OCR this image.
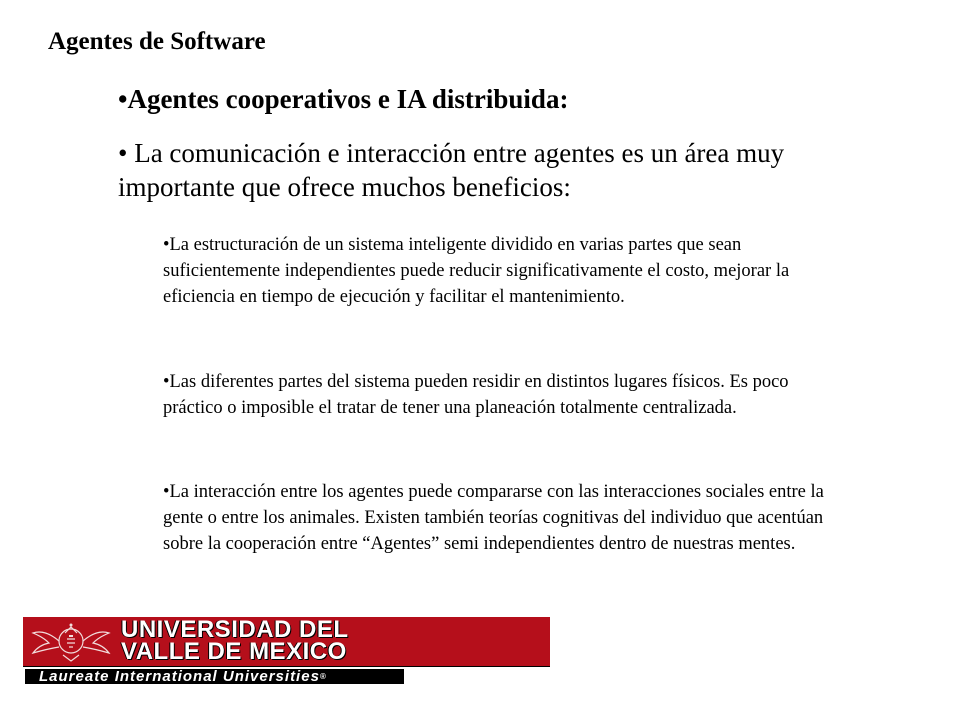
Agentes de Software
•Agentes cooperativos e IA distribuida:
• La comunicación e interacción entre agentes es un área muy importante que ofrece muchos beneficios:
•La estructuración de un sistema inteligente dividido en varias partes que sean suficientemente independientes puede reducir significativamente el costo, mejorar la eficiencia en tiempo de ejecución y facilitar el mantenimiento.
•Las diferentes partes del sistema pueden residir en distintos lugares físicos. Es poco práctico o imposible el tratar de tener una planeación totalmente centralizada.
•La interacción entre los agentes puede compararse con las interacciones sociales entre la gente o entre los animales. Existen también teorías cognitivas del individuo que acentúan sobre la cooperación entre “Agentes” semi independientes dentro de nuestras mentes.
UNIVERSIDAD DEL
VALLE DE MEXICO
Laureate International Universities®
